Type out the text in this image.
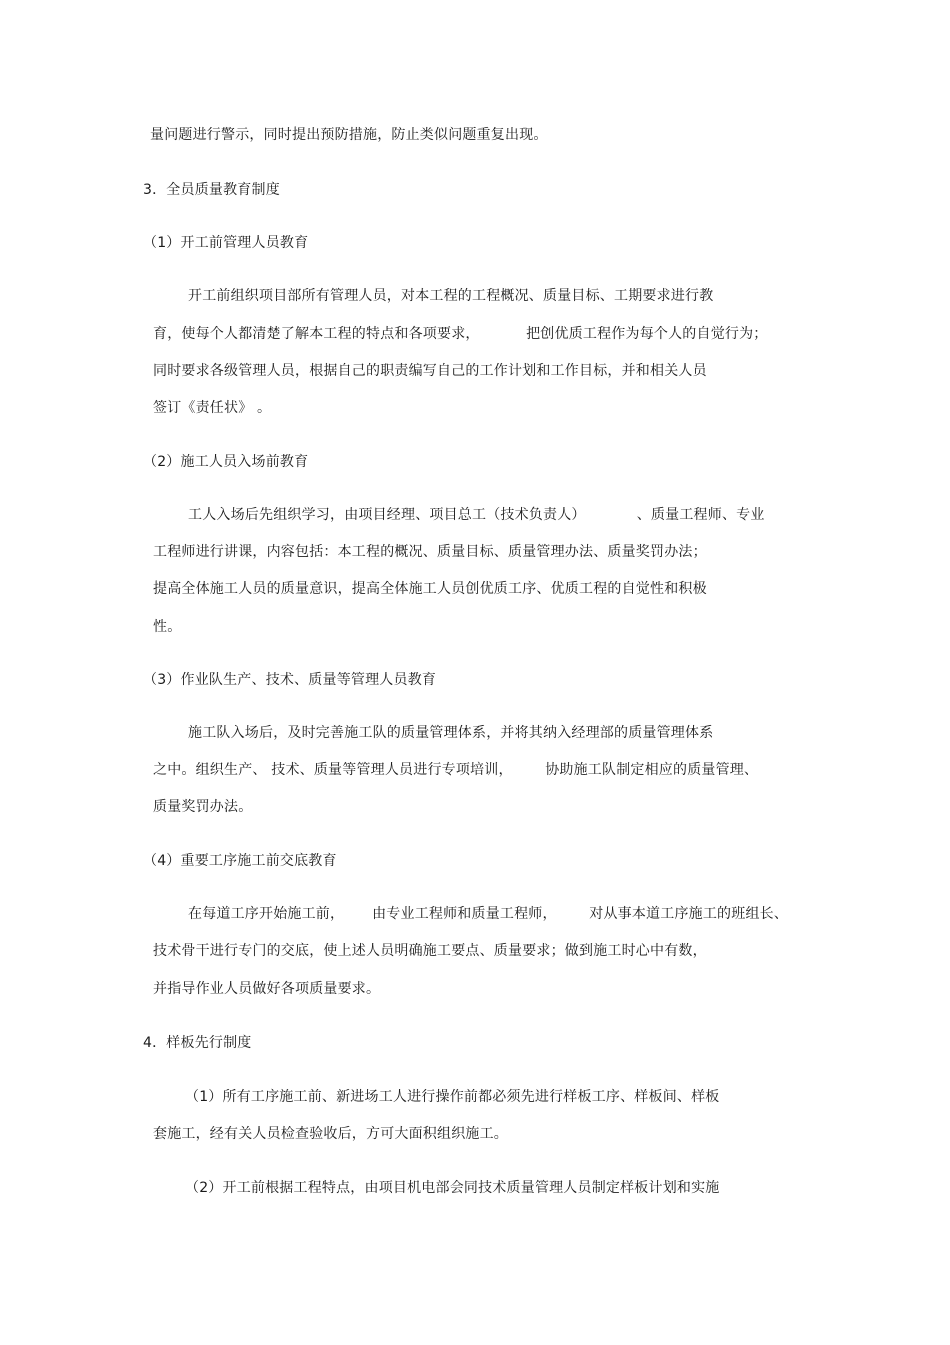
量问题进行警示，同时提出预防措施，防止类似问题重复出现。
3．全员质量教育制度
（1）开工前管理人员教育
开工前组织项目部所有管理人员，对本工程的工程概况、质量目标、工期要求进行教
育，使每个人都清楚了解本工程的特点和各项要求，          把创优质工程作为每个人的自觉行为；
同时要求各级管理人员，根据自己的职责编写自己的工作计划和工作目标，并和相关人员
签订《责任状》 。
（2）施工人员入场前教育
工人入场后先组织学习，由项目经理、项目总工（技术负责人）           、质量工程师、专业
工程师进行讲课，内容包括：本工程的概况、质量目标、质量管理办法、质量奖罚办法；
提高全体施工人员的质量意识，提高全体施工人员创优质工序、优质工程的自觉性和积极
性。
（3）作业队生产、技术、质量等管理人员教育
施工队入场后，及时完善施工队的质量管理体系，并将其纳入经理部的质量管理体系
之中。组织生产、 技术、质量等管理人员进行专项培训，       协助施工队制定相应的质量管理、
质量奖罚办法。
（4）重要工序施工前交底教育
在每道工序开始施工前，      由专业工程师和质量工程师，       对从事本道工序施工的班组长、
技术骨干进行专门的交底，使上述人员明确施工要点、质量要求；做到施工时心中有数，
并指导作业人员做好各项质量要求。
4．样板先行制度
（1）所有工序施工前、新进场工人进行操作前都必须先进行样板工序、样板间、样板
套施工，经有关人员检查验收后，方可大面积组织施工。
（2）开工前根据工程特点，由项目机电部会同技术质量管理人员制定样板计划和实施
